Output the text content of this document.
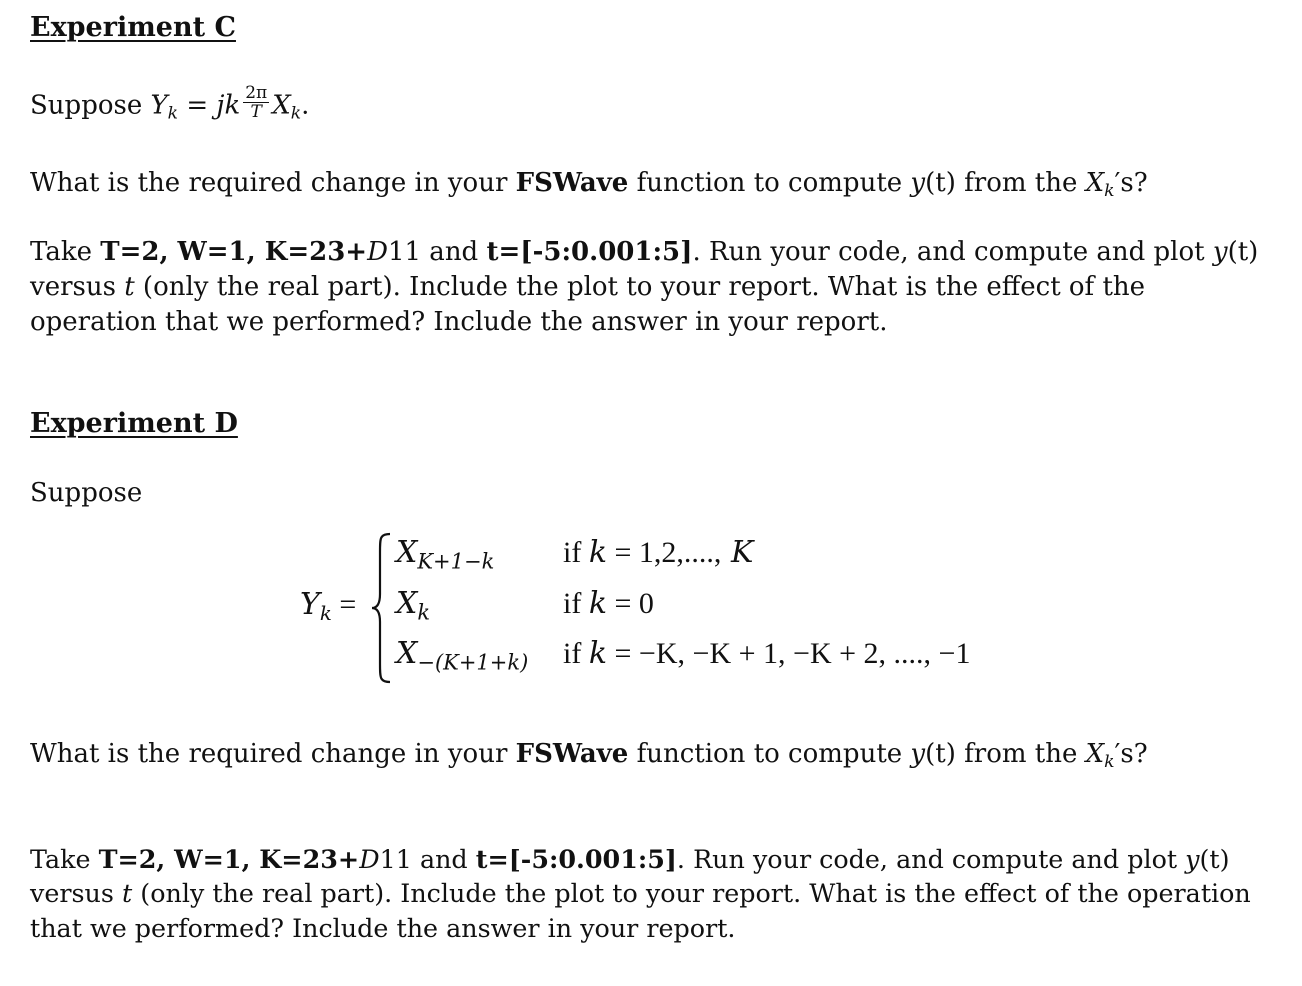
Experiment C
Suppose $Y_k$ = jk $\frac{2\pi}{T} X_k$.
What is the required change in your FSWave function to compute y(t) from the $X_k's$?
Take T=2, W=1, K=23+D11 and t=[-5:0.001:5]. Run your code, and compute and plot y(t)
versus t (only the real part). Include the plot to your report. What is the effect of the
operation that we performed? Include the answer in your report.
Experiment D
Suppose
$Y_k$ =
$X_{K+1-k}$ if k = 1,2,...., K
$X_k$	if k = 0
$X_{-(K+1+k)}$ if k = −K, −K + 1, −K + 2, ...., −1
What is the required change in your FSWave function to compute y(t) from the $X_k's$?
Take T=2, W=1, K=23+D11 and t=[-5:0.001:5]. Run your code, and compute and plot y(t)
versus t (only the real part). Include the plot to your report. What is the effect of the operation
that we performed? Include the answer in your report.
